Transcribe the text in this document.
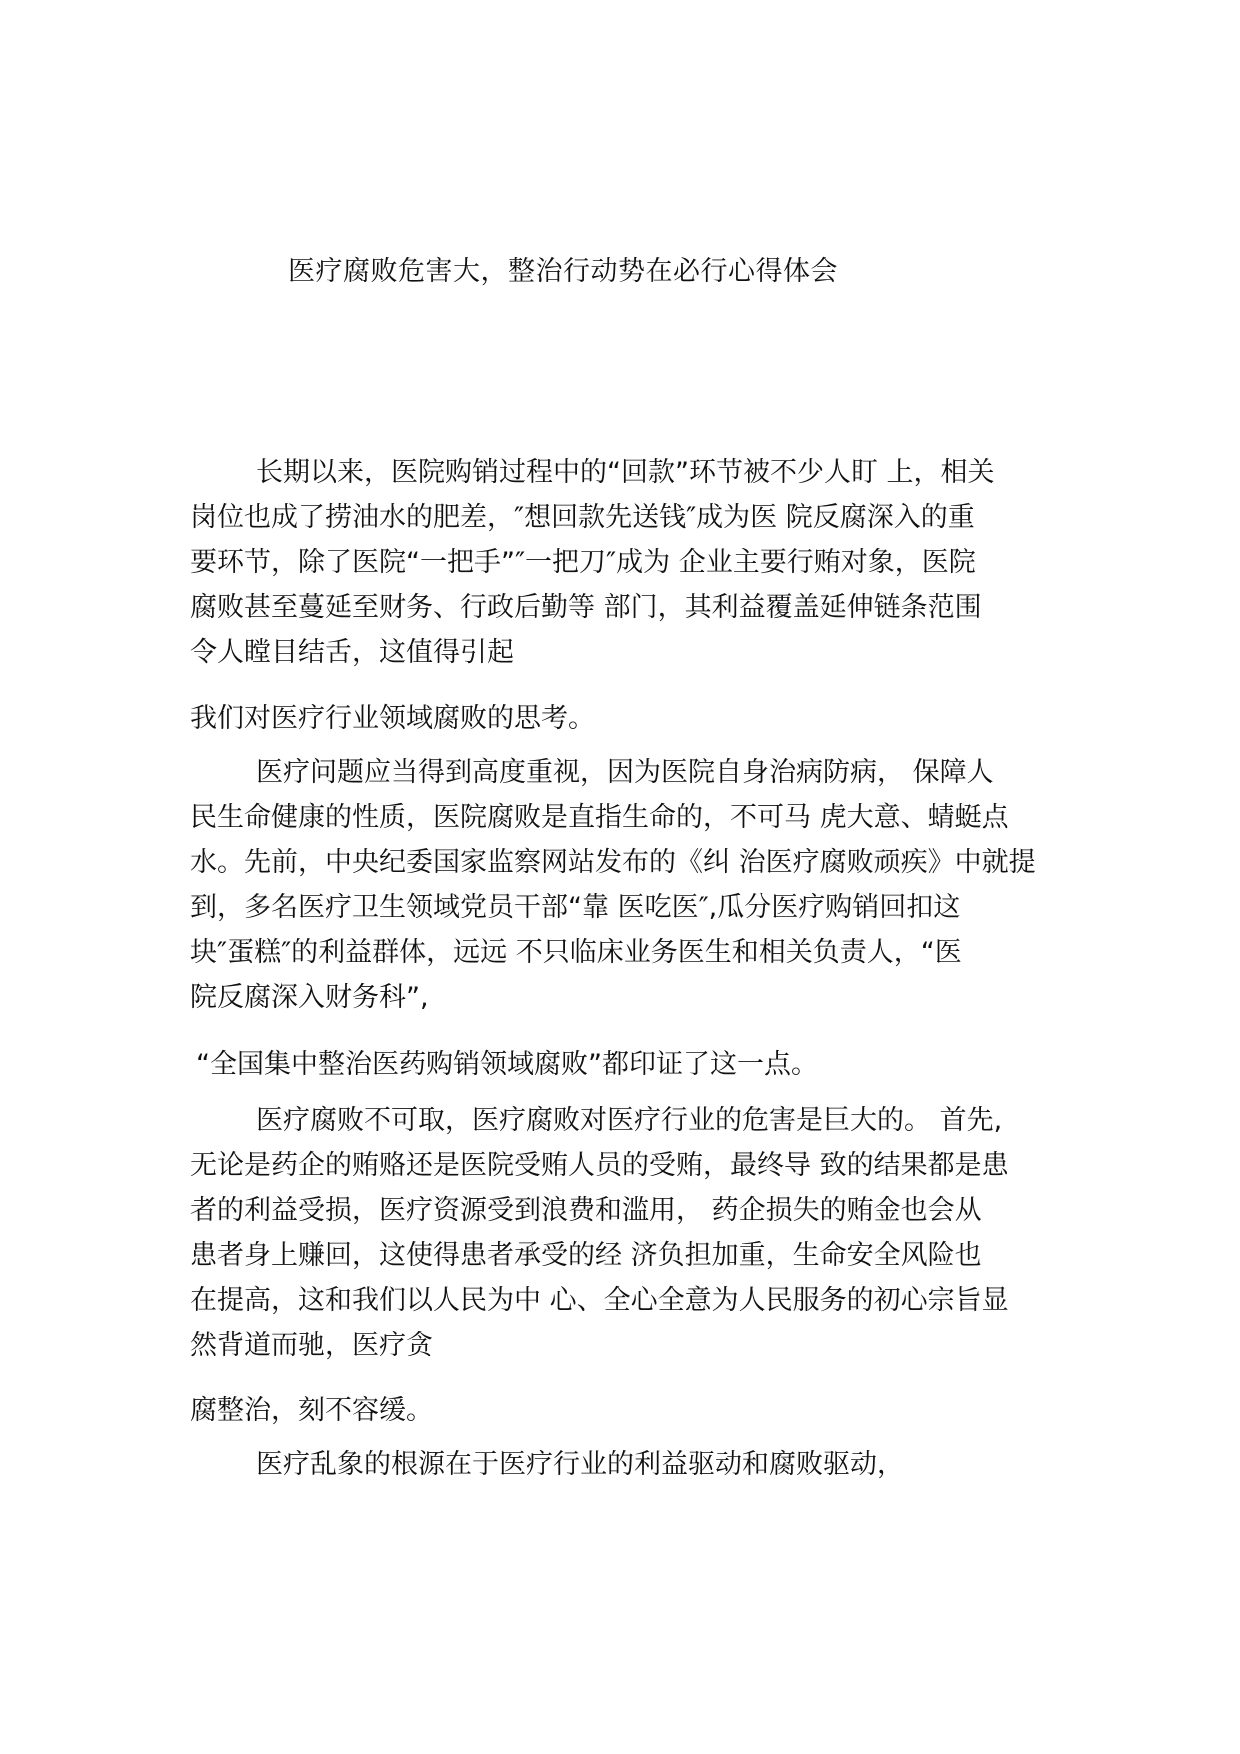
医疗腐败危害大，整治行动势在必行心得体会
长期以来，医院购销过程中的“回款”环节被不少人盯 上，相关
岗位也成了捞油水的肥差，″想回款先送钱″成为医 院反腐深入的重
要环节，除了医院“一把手”″一把刀″成为 企业主要行贿对象，医院
腐败甚至蔓延至财务、行政后勤等 部门，其利益覆盖延伸链条范围
令人瞠目结舌，这值得引起
我们对医疗行业领域腐败的思考。
医疗问题应当得到高度重视，因为医院自身治病防病， 保障人
民生命健康的性质，医院腐败是直指生命的，不可马 虎大意、蜻蜓点
水。先前，中央纪委国家监察网站发布的《纠 治医疗腐败顽疾》中就提
到，多名医疗卫生领域党员干部“靠 医吃医″,瓜分医疗购销回扣这
块″蛋糕″的利益群体，远远 不只临床业务医生和相关负责人，“医
院反腐深入财务科”,
“全国集中整治医药购销领域腐败”都印证了这一点。
医疗腐败不可取，医疗腐败对医疗行业的危害是巨大的。 首先,
无论是药企的贿赂还是医院受贿人员的受贿，最终导 致的结果都是患
者的利益受损，医疗资源受到浪费和滥用， 药企损失的贿金也会从
患者身上赚回，这使得患者承受的经 济负担加重，生命安全风险也
在提高，这和我们以人民为中 心、全心全意为人民服务的初心宗旨显
然背道而驰，医疗贪
腐整治，刻不容缓。
医疗乱象的根源在于医疗行业的利益驱动和腐败驱动，
